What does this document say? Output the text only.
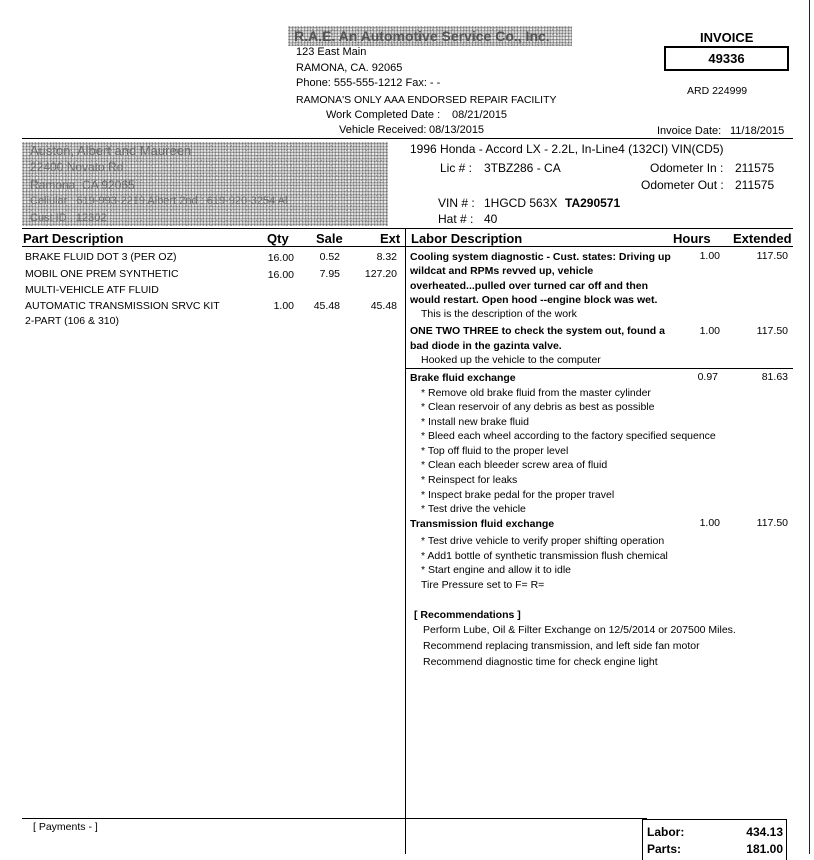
R.A.E. An Automotive Service Co., Inc.
123 East Main
RAMONA, CA. 92065
Phone: 555-555-1212 Fax: - -
RAMONA'S ONLY AAA ENDORSED REPAIR FACILITY
Work Completed Date : 08/21/2015
Vehicle Received: 08/13/2015
INVOICE
49336
ARD 224999
Invoice Date: 11/18/2015
Auston, Albert and Maureen
22400 Novato Rd
Ramona, CA 92065
Cellular : 619-993-2219 Albert 2nd : 619-920-3254 Al
Cust ID : 12302
1996 Honda - Accord LX - 2.2L, In-Line4 (132CI) VIN(CD5)
Lic # : 3TBZ286 - CA	Odometer In : 211575
Odometer Out : 211575
VIN # : 1HGCD 563X TA290571
Hat # : 40
Part Description	Qty Sale	Ext Labor Description	Hours Extended
BRAKE FLUID DOT 3 (PER OZ)	16.00	0.52	8.32
MOBIL ONE PREM SYNTHETIC
MULTI-VEHICLE ATF FLUID
16.00	7.95	127.20
AUTOMATIC TRANSMISSION SRVC KIT
2-PART (106 & 310)
1.00	45.48	45.48
Cooling system diagnostic - Cust. states: Driving up
wildcat and RPMs revved up, vehicle
overheated...pulled over turned car off and then
would restart. Open hood --engine block was wet.
This is the description of the work
1.00	117.50
ONE TWO THREE to check the system out, found a
bad diode in the gazinta valve.
Hooked up the vehicle to the computer
1.00	117.50
Brake fluid exchange	0.97	81.63
* Remove old brake fluid from the master cylinder
* Clean reservoir of any debris as best as possible
* Install new brake fluid
* Bleed each wheel according to the factory specified sequence
* Top off fluid to the proper level
* Clean each bleeder screw area of fluid
* Reinspect for leaks
* Inspect brake pedal for the proper travel
* Test drive the vehicle
Transmission fluid exchange	1.00	117.50
* Test drive vehicle to verify proper shifting operation
* Add1 bottle of synthetic transmission flush chemical
* Start engine and allow it to idle
Tire Pressure set to F= R=
[ Recommendations ]
Perform Lube, Oil & Filter Exchange on 12/5/2014 or 207500 Miles.
Recommend replacing transmission, and left side fan motor
Recommend diagnostic time for check engine light
[ Payments - ]	Labor:	434.13
Parts:	181.00
